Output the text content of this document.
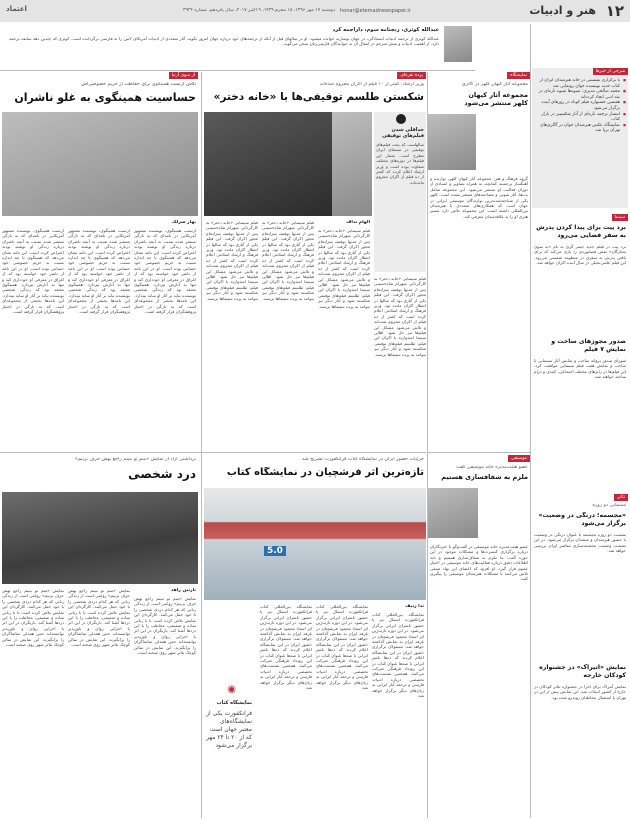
۱۲
هنر و ادبیات
honar@etemadnewspaper.ir
دوشنبه ۱۷ مهر ۱۳۹۶، ۱۸ محرم ۱۴۳۹، ۹ اکتبر ۲۰۱۷، سال پانزدهم، شماره ۳۹۲۴
اعتماد
عبدالله کوثری، رنجنامه سوم، داراجمه کرد
عبدالله کوثری از ترجمه ادبیات ایستادگی، در جهان نوسازیه خوانده میشود. او در سالهای قبل از آنکه از ترجمه‌های خود درباره جهان امروز بگوید، آثار متعددی از ادبیات آمریکای لاتین را به فارسی برگردانده است. کوثری که چندین دهه سابقه ترجمه دارد، از اهمیت ادبیات و نقش مترجم در انتقال آن به خوانندگان فارسی‌زبان سخن می‌گوید.
از سوی آرتیا
تلاش ارنست همینگوی برای حفاظت از حریم خصوصی‌اش
حساسیت همینگوی به غلو ناشران
بهار سرلک
ارنست همینگوی، نویسنده مشهور آمریکایی در نامه‌ای که به تازگی منتشر شده نسبت به آنچه ناشران درباره زندگی او نوشته بودند اعتراض کرده است. این نامه نشان می‌دهد که همینگوی تا چه اندازه نسبت به حریم خصوصی خود حساس بوده است. او در این نامه از ناشر خود خواسته بود که از اغراق در معرفی او خودداری کند و تنها به آثارش بپردازد. همینگوی معتقد بود که زندگی شخصی نویسنده نباید بر آثار او سایه بیندازد. این نامه‌ها بخشی از مجموعه‌ای است که به تازگی در اختیار پژوهشگران قرار گرفته است.
ارنست همینگوی، نویسنده مشهور آمریکایی در نامه‌ای که به تازگی منتشر شده نسبت به آنچه ناشران درباره زندگی او نوشته بودند اعتراض کرده است. این نامه نشان می‌دهد که همینگوی تا چه اندازه نسبت به حریم خصوصی خود حساس بوده است. او در این نامه از ناشر خود خواسته بود که از اغراق در معرفی او خودداری کند و تنها به آثارش بپردازد. همینگوی معتقد بود که زندگی شخصی نویسنده نباید بر آثار او سایه بیندازد. این نامه‌ها بخشی از مجموعه‌ای است که به تازگی در اختیار پژوهشگران قرار گرفته است.
ارنست همینگوی، نویسنده مشهور آمریکایی در نامه‌ای که به تازگی منتشر شده نسبت به آنچه ناشران درباره زندگی او نوشته بودند اعتراض کرده است. این نامه نشان می‌دهد که همینگوی تا چه اندازه نسبت به حریم خصوصی خود حساس بوده است. او در این نامه از ناشر خود خواسته بود که از اغراق در معرفی او خودداری کند و تنها به آثارش بپردازد. همینگوی معتقد بود که زندگی شخصی نویسنده نباید بر آثار او سایه بیندازد. این نامه‌ها بخشی از مجموعه‌ای است که به تازگی در اختیار پژوهشگران قرار گرفته است.
پرده نقره‌ای
وزیر ارشاد: کمتر از ۱۰ فیلم از اکران محروم شده‌اند
شکستن طلسم توقیفی‌ها با «خانه دختر»
حداقلی شدن فیلم‌های توقیفی
سالهاست که بحث فیلم‌های توقیفی در سینمای ایران مطرح است. شمار این فیلم‌ها در دوره‌های مختلف متفاوت بوده است و وزیر ارشاد اعلام کرده که کمتر از ده فیلم از اکران محروم مانده‌اند.
الهام نداف
فیلم سینمایی «خانه دختر» به کارگردانی شهرام شاه‌حسینی پس از مدتها توقیف سرانجام مجوز اکران گرفت. این فیلم یکی از آثاری بود که سالها در انتظار اکران مانده بود. وزیر فرهنگ و ارشاد اسلامی اعلام کرده است که کمتر از ده فیلم از اکران محروم شده‌اند و تلاش می‌شود مشکل این فیلم‌ها نیز حل شود. اهالی سینما امیدوارند با اکران این فیلم، طلسم فیلم‌های توقیفی شکسته شود و آثار دیگر نیز بتوانند به پرده سینماها برسند.
فیلم سینمایی «خانه دختر» به کارگردانی شهرام شاه‌حسینی پس از مدتها توقیف سرانجام مجوز اکران گرفت. این فیلم یکی از آثاری بود که سالها در انتظار اکران مانده بود. وزیر فرهنگ و ارشاد اسلامی اعلام کرده است که کمتر از ده فیلم از اکران محروم شده‌اند و تلاش می‌شود مشکل این فیلم‌ها نیز حل شود. اهالی سینما امیدوارند با اکران این فیلم، طلسم فیلم‌های توقیفی شکسته شود و آثار دیگر نیز بتوانند به پرده سینماها برسند.
فیلم سینمایی «خانه دختر» به کارگردانی شهرام شاه‌حسینی پس از مدتها توقیف سرانجام مجوز اکران گرفت. این فیلم یکی از آثاری بود که سالها در انتظار اکران مانده بود. وزیر فرهنگ و ارشاد اسلامی اعلام کرده است که کمتر از ده فیلم از اکران محروم شده‌اند و تلاش می‌شود مشکل این فیلم‌ها نیز حل شود. اهالی سینما امیدوارند با اکران این فیلم، طلسم فیلم‌های توقیفی شکسته شود و آثار دیگر نیز بتوانند به پرده سینماها برسند.
فیلم سینمایی «خانه دختر» به کارگردانی شهرام شاه‌حسینی پس از مدتها توقیف سرانجام مجوز اکران گرفت. این فیلم یکی از آثاری بود که سالها در انتظار اکران مانده بود. وزیر فرهنگ و ارشاد اسلامی اعلام کرده است که کمتر از ده فیلم از اکران محروم شده‌اند و تلاش می‌شود مشکل این فیلم‌ها نیز حل شود. اهالی سینما امیدوارند با اکران این فیلم، طلسم فیلم‌های توقیفی شکسته شود و آثار دیگر نیز بتوانند به پرده سینماها برسند.
نمایشگاه
مجموعه آثار کیهان کلهر در گالری
مجموعه آثار کیهان کلهر منتشر می‌شود
گروه فرهنگ و هنر: مجموعه آثار کیهان کلهر، نوازنده و آهنگساز برجسته کمانچه، به همراه تصاویر و اسنادی از دوران فعالیت او منتشر می‌شود. این مجموعه شامل نت‌ها، آثار صوتی و مصاحبه‌های منتشر نشده است. کلهر یکی از شناخته‌شده‌ترین نوازندگان موسیقی ایرانی در جهان است که همکاری‌های متعددی با هنرمندان بین‌المللی داشته است. این مجموعه تلاش دارد مسیر هنری او را به علاقه‌مندان معرفی کند.
موسیقی
عضو هیئت‌مدیره خانه موسیقی گفت
ملزم به شفافسازی هستیم
عضو هیئت‌مدیره خانه موسیقی در گفت‌وگو با خبرنگاران درباره برگزاری کنسرت‌ها و مشکلات موجود در این حوزه گفت: ما ملزم به شفاف‌سازی هستیم و باید اطلاعات دقیق درباره فعالیت‌های خانه موسیقی در اختیار عموم قرار گیرد. او افزود که اعضای این نهاد صنفی تلاش می‌کنند تا مشکلات هنرمندان موسیقی را پیگیری کنند.
برداشتی آزاد از نمایش «منم تو نبینم راجع بهش حرف بزنیم»
درد شخصی
نازنین زاهد
نمایش «منم تو نبینم راجع بهش حرف بزنیم» روایتی است از زندگی زنانی که هر کدام دردی شخصی را با خود حمل می‌کنند. کارگردان این نمایش تلاش کرده است تا با زبانی ساده و صمیمی، مخاطب را با این دردها آشنا کند. بازیگران در این اثر با اجرایی روان و باورپذیر توانسته‌اند حس همدلی تماشاگران را برانگیزند. این نمایش در سالن کوچک تئاتر شهر روی صحنه است.
نمایش «منم تو نبینم راجع بهش حرف بزنیم» روایتی است از زندگی زنانی که هر کدام دردی شخصی را با خود حمل می‌کنند. کارگردان این نمایش تلاش کرده است تا با زبانی ساده و صمیمی، مخاطب را با این دردها آشنا کند. بازیگران در این اثر با اجرایی روان و باورپذیر توانسته‌اند حس همدلی تماشاگران را برانگیزند. این نمایش در سالن کوچک تئاتر شهر روی صحنه است.
نمایش «منم تو نبینم راجع بهش حرف بزنیم» روایتی است از زندگی زنانی که هر کدام دردی شخصی را با خود حمل می‌کنند. کارگردان این نمایش تلاش کرده است تا با زبانی ساده و صمیمی، مخاطب را با این دردها آشنا کند. بازیگران در این اثر با اجرایی روان و باورپذیر توانسته‌اند حس همدلی تماشاگران را برانگیزند. این نمایش در سالن کوچک تئاتر شهر روی صحنه است.
جزئیات حضور ایران در نمایشگاه کتاب فرانکفورت تشریح شد
تازه‌ترین اثر فرشچیان در نمایشگاه کتاب
5.0
ندا ژنیف
نمایشگاه بین‌المللی کتاب فرانکفورت امسال نیز با حضور ناشران ایرانی برگزار می‌شود. در این دوره تازه‌ترین اثر استاد محمود فرشچیان در غرفه ایران به نمایش گذاشته خواهد شد. مسئولان برگزاری حضور ایران در این نمایشگاه اعلام کردند که ده‌ها ناشر ایرانی با صدها عنوان کتاب در این رویداد فرهنگی شرکت می‌کنند. همچنین نشست‌های تخصصی درباره ادبیات فارسی و ترجمه آثار ایرانی به زبان‌های دیگر برگزار خواهد شد.
نمایشگاه بین‌المللی کتاب فرانکفورت امسال نیز با حضور ناشران ایرانی برگزار می‌شود. در این دوره تازه‌ترین اثر استاد محمود فرشچیان در غرفه ایران به نمایش گذاشته خواهد شد. مسئولان برگزاری حضور ایران در این نمایشگاه اعلام کردند که ده‌ها ناشر ایرانی با صدها عنوان کتاب در این رویداد فرهنگی شرکت می‌کنند. همچنین نشست‌های تخصصی درباره ادبیات فارسی و ترجمه آثار ایرانی به زبان‌های دیگر برگزار خواهد شد.
نمایشگاه بین‌المللی کتاب فرانکفورت امسال نیز با حضور ناشران ایرانی برگزار می‌شود. در این دوره تازه‌ترین اثر استاد محمود فرشچیان در غرفه ایران به نمایش گذاشته خواهد شد. مسئولان برگزاری حضور ایران در این نمایشگاه اعلام کردند که ده‌ها ناشر ایرانی با صدها عنوان کتاب در این رویداد فرهنگی شرکت می‌کنند. همچنین نشست‌های تخصصی درباره ادبیات فارسی و ترجمه آثار ایرانی به زبان‌های دیگر برگزار خواهد شد.
◉
نمایشگاه کتاب
فرانکفورت یکی از نمایشگاه‌های معتبر جهان است که از ۲۰ تا ۲۴ مهر برگزار می‌شود
شرحی از خبرها
■ با برگزاری نشستی در خانه هنرمندان ایران از کتاب جدید نویسنده جوان رونمایی شد
■ محمد صالحی مدیری: شیوه‌ها شیوه تازه‌ای در نقد ادبی ایجاد کرده‌اند
■ هفتمین جشنواره فیلم کوتاه در روزهای آینده برگزار می‌شود
■ انتشار ترجمه تازه‌ای از آثار شکسپیر در بازار کتاب
■ نمایشگاه عکس هنرمندان جوان در گالری‌های تهران برپا شد
سینما
برد پیت برای پیدا کردن پدرش به سفر فضایی می‌رود
برد پیت در فیلم جدید جیمز گری به نام «به سوی ستارگان» نقش فضانوردی را بازی می‌کند که برای یافتن پدرش به سفری در منظومه شمسی می‌رود. این فیلم علمی‌تخیلی در سال آینده اکران خواهد شد.
صدور مجوزهای ساخت و نمایش ۷ فیلم
شورای صدور پروانه ساخت و نمایش آثار سینمایی با ساخت و نمایش هفت فیلم سینمایی موافقت کرد. این فیلم‌ها در ژانرهای مختلف اجتماعی، کمدی و درام ساخته خواهند شد.
تئاتر
سینمایی دو روزه
«مجسمه؛ درنگی در وضعیت» برگزار می‌شود
نشست دو روزه مجسمه با عنوان درنگی در وضعیت با حضور هنرمندان و منتقدان برگزار می‌شود. در این نشست وضعیت مجسمه‌سازی معاصر ایران بررسی خواهد شد.
نمایش «آتیراک» در جشنواره کودکان خارجه
نمایش آتیراک برای اجرا در جشنواره تئاتر کودکان در خارج از کشور انتخاب شد. این نمایش پیش از این در تهران با استقبال مخاطبان روبه‌رو شده بود.
